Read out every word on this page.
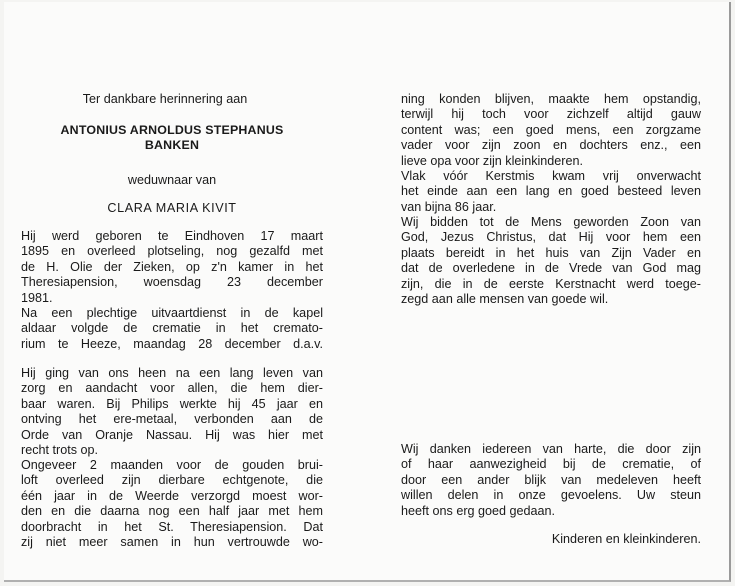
Ter dankbare herinnering aan
ANTONIUS ARNOLDUS STEPHANUS
BANKEN
weduwnaar van
CLARA MARIA KIVIT
Hij werd geboren te Eindhoven 17 maart
1895 en overleed plotseling, nog gezalfd met
de H. Olie der Zieken, op z'n kamer in het
Theresiapension, woensdag 23 december
1981.
Na een plechtige uitvaartdienst in de kapel
aldaar volgde de crematie in het cremato-
rium te Heeze, maandag 28 december d.a.v.
Hij ging van ons heen na een lang leven van
zorg en aandacht voor allen, die hem dier-
baar waren. Bij Philips werkte hij 45 jaar en
ontving het ere-metaal, verbonden aan de
Orde van Oranje Nassau. Hij was hier met
recht trots op.
Ongeveer 2 maanden voor de gouden brui-
loft overleed zijn dierbare echtgenote, die
één jaar in de Weerde verzorgd moest wor-
den en die daarna nog een half jaar met hem
doorbracht in het St. Theresiapension. Dat
zij niet meer samen in hun vertrouwde wo-
ning konden blijven, maakte hem opstandig,
terwijl hij toch voor zichzelf altijd gauw
content was; een goed mens, een zorgzame
vader voor zijn zoon en dochters enz., een
lieve opa voor zijn kleinkinderen.
Vlak vóór Kerstmis kwam vrij onverwacht
het einde aan een lang en goed besteed leven
van bijna 86 jaar.
Wij bidden tot de Mens geworden Zoon van
God, Jezus Christus, dat Hij voor hem een
plaats bereidt in het huis van Zijn Vader en
dat de overledene in de Vrede van God mag
zijn, die in de eerste Kerstnacht werd toege-
zegd aan alle mensen van goede wil.
Wij danken iedereen van harte, die door zijn
of haar aanwezigheid bij de crematie, of
door een ander blijk van medeleven heeft
willen delen in onze gevoelens. Uw steun
heeft ons erg goed gedaan.
Kinderen en kleinkinderen.
